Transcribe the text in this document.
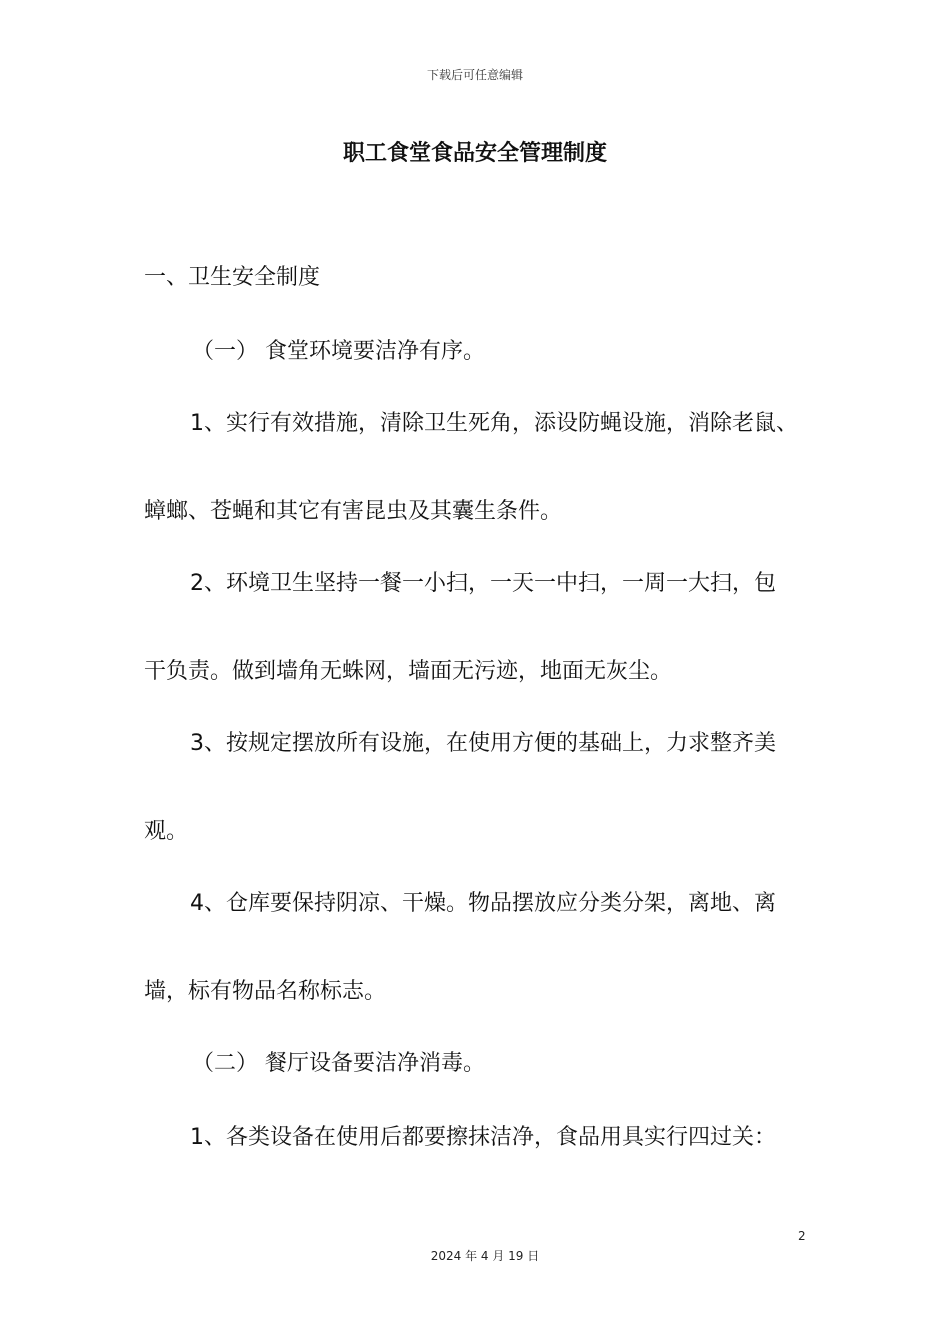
下载后可任意编辑
职工食堂食品安全管理制度
一、卫生安全制度
（一） 食堂环境要洁净有序。
1、实行有效措施，清除卫生死角，添设防蝇设施，消除老鼠、
蟑螂、苍蝇和其它有害昆虫及其囊生条件。
2、环境卫生坚持一餐一小扫，一天一中扫，一周一大扫，包
干负责。做到墙角无蛛网，墙面无污迹，地面无灰尘。
3、按规定摆放所有设施，在使用方便的基础上，力求整齐美
观。
4、仓库要保持阴凉、干燥。物品摆放应分类分架，离地、离
墙，标有物品名称标志。
（二） 餐厅设备要洁净消毒。
1、各类设备在使用后都要擦抹洁净，食品用具实行四过关：
2
2024 年 4 月 19 日
